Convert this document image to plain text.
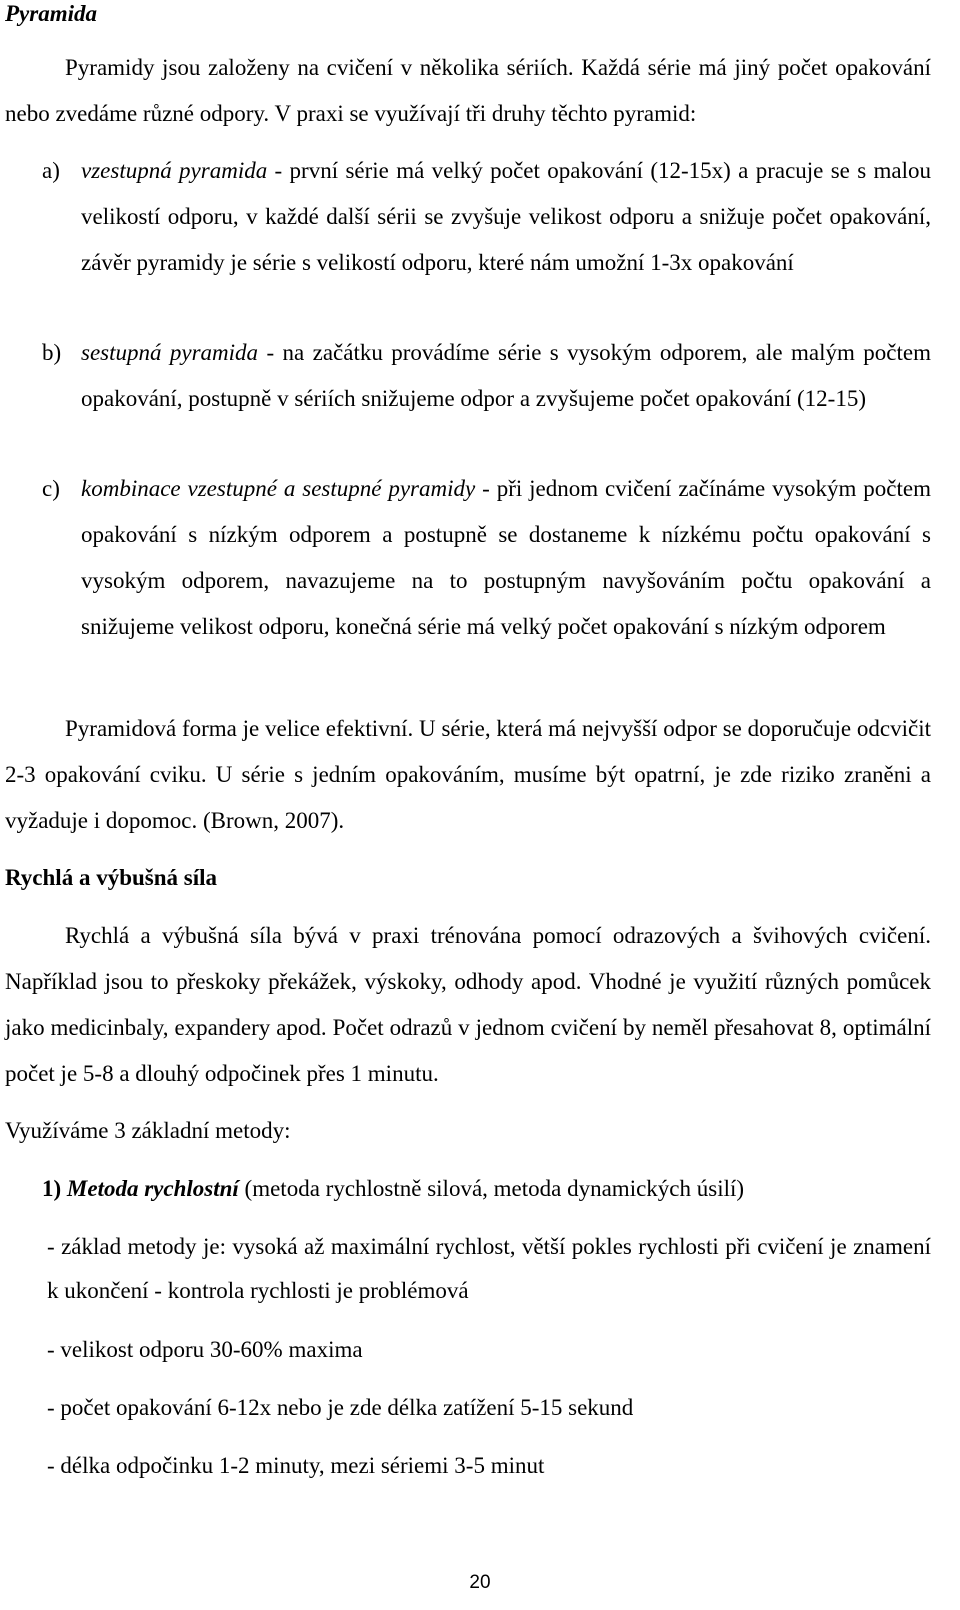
Pyramida

Pyramidy jsou založeny na cvičení v několika sériích. Každá série má jiný počet opakování nebo zvedáme různé odpory. V praxi se využívají tři druhy těchto pyramid:

a) vzestupná pyramida - první série má velký počet opakování (12-15x) a pracuje se s malou velikostí odporu, v každé další sérii se zvyšuje velikost odporu a snižuje počet opakování, závěr pyramidy je série s velikostí odporu, které nám umožní 1-3x opakování
b) sestupná pyramida - na začátku provádíme série s vysokým odporem, ale malým počtem opakování, postupně v sériích snižujeme odpor a zvyšujeme počet opakování (12-15)
c) kombinace vzestupné a sestupné pyramidy - při jednom cvičení začínáme vysokým počtem opakování s nízkým odporem a postupně se dostaneme k nízkému počtu opakování s vysokým odporem, navazujeme na to postupným navyšováním počtu opakování a snižujeme velikost odporu, konečná série má velký počet opakování s nízkým odporem

Pyramidová forma je velice efektivní. U série, která má nejvyšší odpor se doporučuje odcvičit 2-3 opakování cviku. U série s jedním opakováním, musíme být opatrní, je zde riziko zraněni a vyžaduje i dopomoc. (Brown, 2007).

Rychlá a výbušná síla

Rychlá a výbušná síla bývá v praxi trénována pomocí odrazových a švihových cvičení. Například jsou to přeskoky překážek, výskoky, odhody apod. Vhodné je využití různých pomůcek jako medicinbaly, expandery apod. Počet odrazů v jednom cvičení by neměl přesahovat 8, optimální počet je 5-8 a dlouhý odpočinek přes 1 minutu.

Využíváme 3 základní metody:
1) Metoda rychlostní (metoda rychlostně silová, metoda dynamických úsilí)

- základ metody je: vysoká až maximální rychlost, větší pokles rychlosti při cvičení je znamení k ukončení - kontrola rychlosti je problémová

- velikost odporu 30-60% maxima

- počet opakování 6-12x nebo je zde délka zatížení 5-15 sekund

- délka odpočinku 1-2 minuty, mezi sériemi 3-5 minut

20
